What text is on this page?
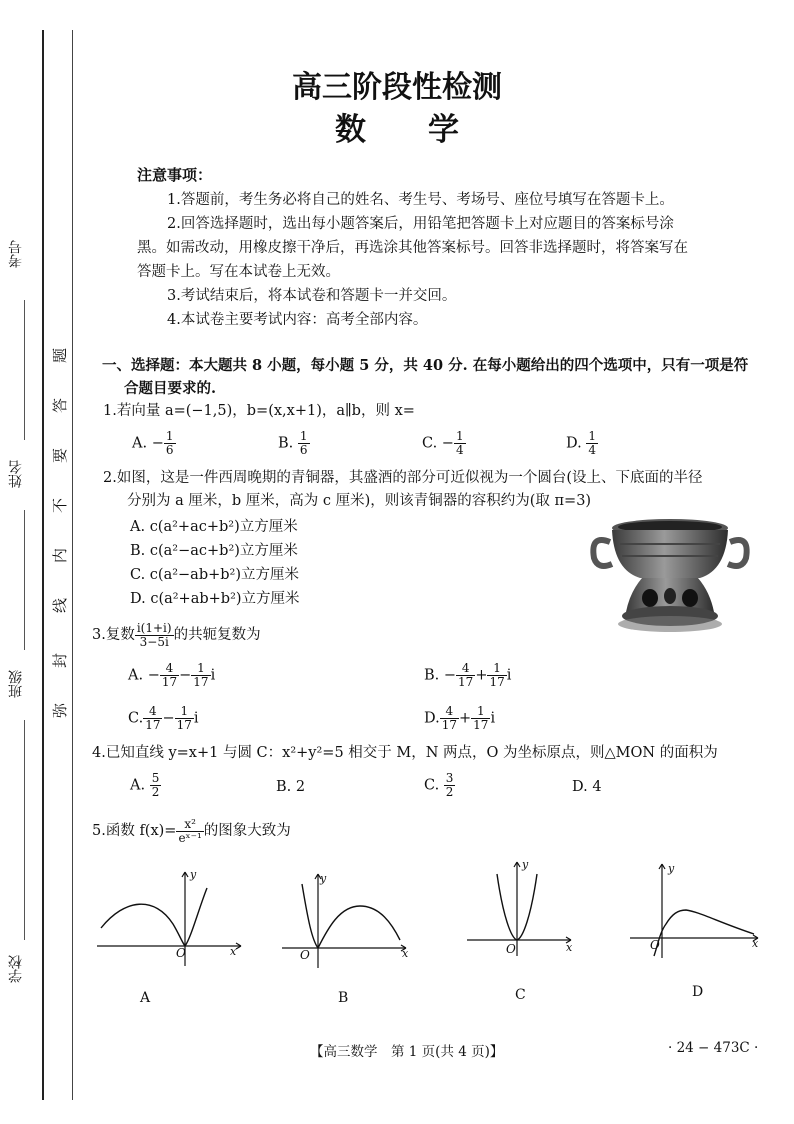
考号
姓名
班级
学校
题
答
要
不
内
线
封
弥
高三阶段性检测
数　　学
注意事项：
1.答题前，考生务必将自己的姓名、考生号、考场号、座位号填写在答题卡上。
2.回答选择题时，选出每小题答案后，用铅笔把答题卡上对应题目的答案标号涂
黑。如需改动，用橡皮擦干净后，再选涂其他答案标号。回答非选择题时，将答案写在
答题卡上。写在本试卷上无效。
3.考试结束后，将本试卷和答题卡一并交回。
4.本试卷主要考试内容：高考全部内容。
一、选择题：本大题共 8 小题，每小题 5 分，共 40 分. 在每小题给出的四个选项中，只有一项是符
合题目要求的.
1.若向量 a=(−1,5)，b=(x,x+1)，a∥b，则 x=
A. − $\frac{1}{6}$	B. $\frac{1}{6}$	C. − $\frac{1}{4}$	D. $\frac{1}{4}$
2.如图，这是一件西周晚期的青铜器，其盛酒的部分可近似视为一个圆台(设上、下底面的半径
分别为 a 厘米，b 厘米，高为 c 厘米)，则该青铜器的容积约为(取 π=3)
A. c(a²+ac+b²)立方厘米
B. c(a²−ac+b²)立方厘米
C. c(a²−ab+b²)立方厘米
D. c(a²+ab+b²)立方厘米
3.复数 $\frac{i(1+i)}{3-5i}$ 的共轭复数为
A. − $\frac{4}{17} - \frac{1}{17}$ i	B. − $\frac{4}{17} + \frac{1}{17}$ i
C. $\frac{4}{17} - \frac{1}{17}$ i	D. $\frac{4}{17} + \frac{1}{17}$ i
4.已知直线 y=x+1 与圆 C：x²+y²=5 相交于 M，N 两点，O 为坐标原点，则△MON 的面积为
A. $\frac{5}{2}$	B. 2	C. $\frac{3}{2}$	D. 4
5.函数 $f(x)= \frac{\text{x²}}{\text{eˣ⁻¹}}$ 的图象大致为
O	x
y
A
O	x
y
B
O	x
y
C
O	x
y
D
【高三数学　第 1 页(共 4 页)】	· 24 − 473C ·
